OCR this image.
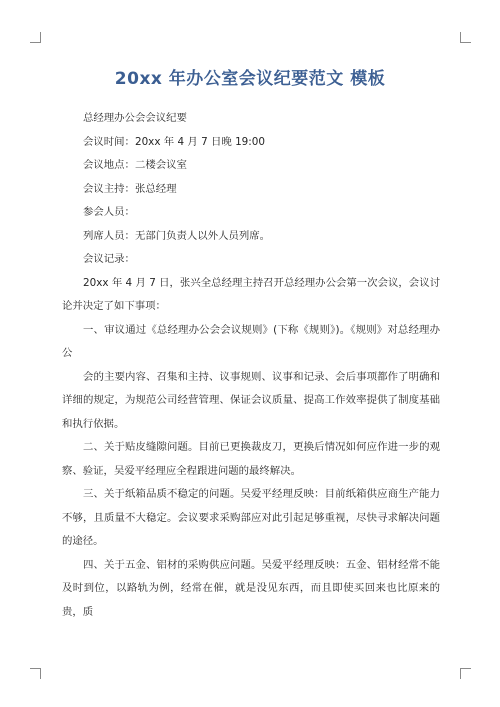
20xx 年办公室会议纪要范文 模板

总经理办公会会议纪要

会议时间：20xx 年 4 月 7 日晚 19:00

会议地点：二楼会议室

会议主持：张总经理

参会人员：

列席人员：无部门负责人以外人员列席。

会议记录：

20xx 年 4 月 7 日，张兴全总经理主持召开总经理办公会第一次会议，会议讨论并决定了如下事项：

一、审议通过《总经理办公会会议规则》(下称《规则》)。《规则》对总经理办公

会的主要内容、召集和主持、议事规则、议事和记录、会后事项都作了明确和详细的规定，为规范公司经营管理、保证会议质量、提高工作效率提供了制度基础和执行依据。

二、关于贴皮缝隙问题。目前已更换裁皮刀，更换后情况如何应作进一步的观察、验证，吴爱平经理应全程跟进问题的最终解决。

三、关于纸箱品质不稳定的问题。吴爱平经理反映：目前纸箱供应商生产能力不够，且质量不大稳定。会议要求采购部应对此引起足够重视，尽快寻求解决问题的途径。

四、关于五金、铝材的采购供应问题。吴爱平经理反映：五金、铝材经常不能及时到位，以路轨为例，经常在催，就是没见东西，而且即使买回来也比原来的贵，质
